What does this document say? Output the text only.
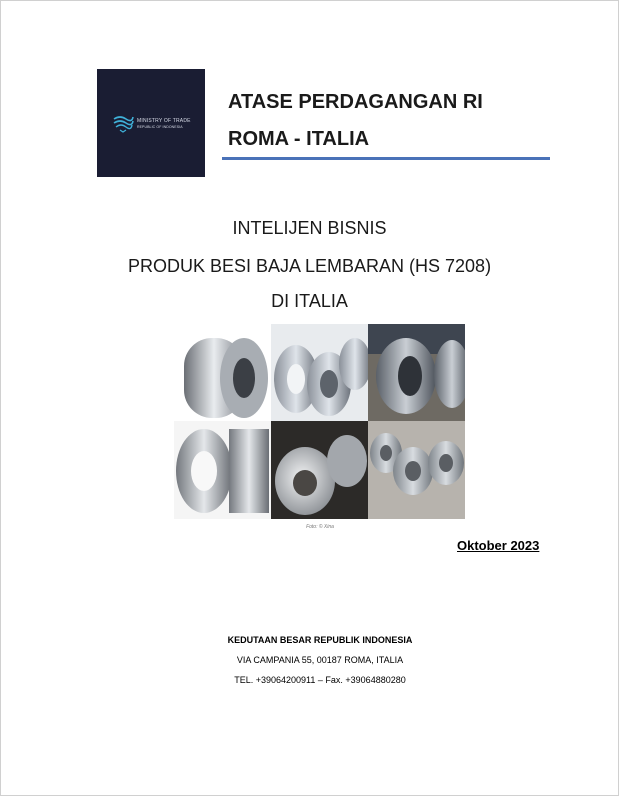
MINISTRY OF TRADE
REPUBLIC OF INDONESIA
ATASE PERDAGANGAN RI
ROMA - ITALIA
INTELIJEN BISNIS
PRODUK BESI BAJA LEMBARAN (HS 7208)
DI ITALIA
Foto: © Xina
Oktober 2023
KEDUTAAN BESAR REPUBLIK INDONESIA
VIA CAMPANIA 55, 00187 ROMA, ITALIA
TEL. +39064200911 – Fax. +39064880280
